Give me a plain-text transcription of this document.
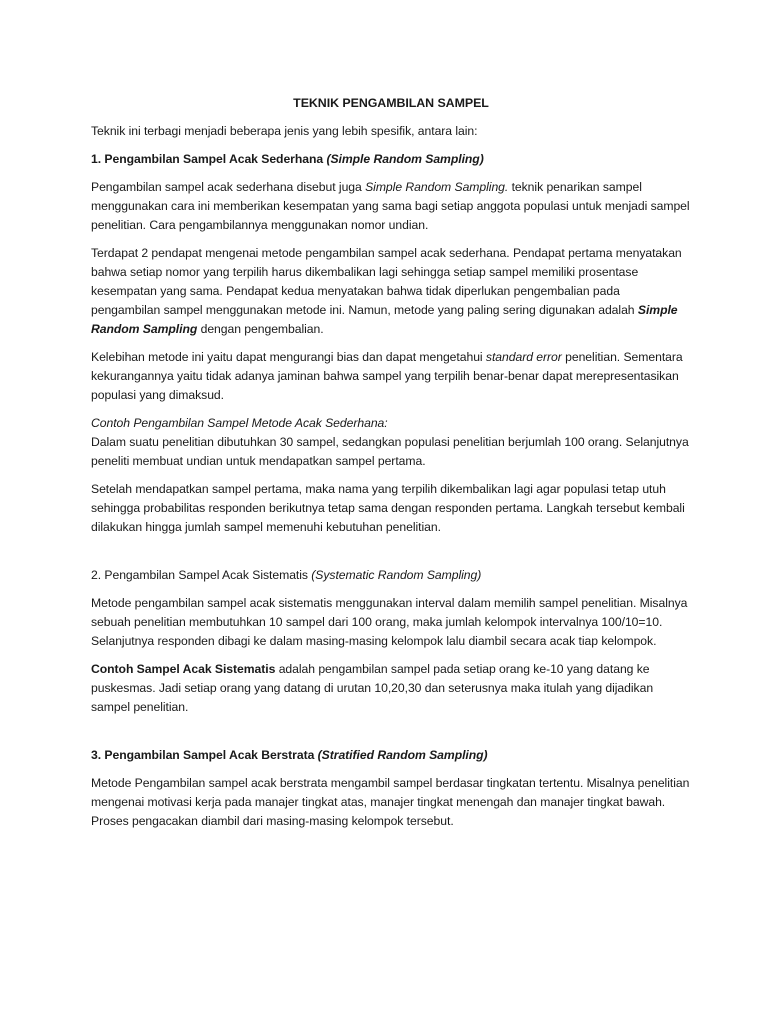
TEKNIK PENGAMBILAN SAMPEL

Teknik ini terbagi menjadi beberapa jenis yang lebih spesifik, antara lain:

1. Pengambilan Sampel Acak Sederhana (Simple Random Sampling)

Pengambilan sampel acak sederhana disebut juga Simple Random Sampling. teknik penarikan sampel menggunakan cara ini memberikan kesempatan yang sama bagi setiap anggota populasi untuk menjadi sampel penelitian. Cara pengambilannya menggunakan nomor undian.

Terdapat 2 pendapat mengenai metode pengambilan sampel acak sederhana. Pendapat pertama menyatakan bahwa setiap nomor yang terpilih harus dikembalikan lagi sehingga setiap sampel memiliki prosentase kesempatan yang sama. Pendapat kedua menyatakan bahwa tidak diperlukan pengembalian pada pengambilan sampel menggunakan metode ini. Namun, metode yang paling sering digunakan adalah Simple Random Sampling dengan pengembalian.

Kelebihan metode ini yaitu dapat mengurangi bias dan dapat mengetahui standard error penelitian. Sementara kekurangannya yaitu tidak adanya jaminan bahwa sampel yang terpilih benar-benar dapat merepresentasikan populasi yang dimaksud.

Contoh Pengambilan Sampel Metode Acak Sederhana:

Dalam suatu penelitian dibutuhkan 30 sampel, sedangkan populasi penelitian berjumlah 100 orang. Selanjutnya peneliti membuat undian untuk mendapatkan sampel pertama.

Setelah mendapatkan sampel pertama, maka nama yang terpilih dikembalikan lagi agar populasi tetap utuh sehingga probabilitas responden berikutnya tetap sama dengan responden pertama. Langkah tersebut kembali dilakukan hingga jumlah sampel memenuhi kebutuhan penelitian.

2. Pengambilan Sampel Acak Sistematis (Systematic Random Sampling)

Metode pengambilan sampel acak sistematis menggunakan interval dalam memilih sampel penelitian. Misalnya sebuah penelitian membutuhkan 10 sampel dari 100 orang, maka jumlah kelompok intervalnya 100/10=10. Selanjutnya responden dibagi ke dalam masing-masing kelompok lalu diambil secara acak tiap kelompok.

Contoh Sampel Acak Sistematis adalah pengambilan sampel pada setiap orang ke-10 yang datang ke puskesmas. Jadi setiap orang yang datang di urutan 10,20,30 dan seterusnya maka itulah yang dijadikan sampel penelitian.

3. Pengambilan Sampel Acak Berstrata (Stratified Random Sampling)

Metode Pengambilan sampel acak berstrata mengambil sampel berdasar tingkatan tertentu. Misalnya penelitian mengenai motivasi kerja pada manajer tingkat atas, manajer tingkat menengah dan manajer tingkat bawah. Proses pengacakan diambil dari masing-masing kelompok tersebut.
